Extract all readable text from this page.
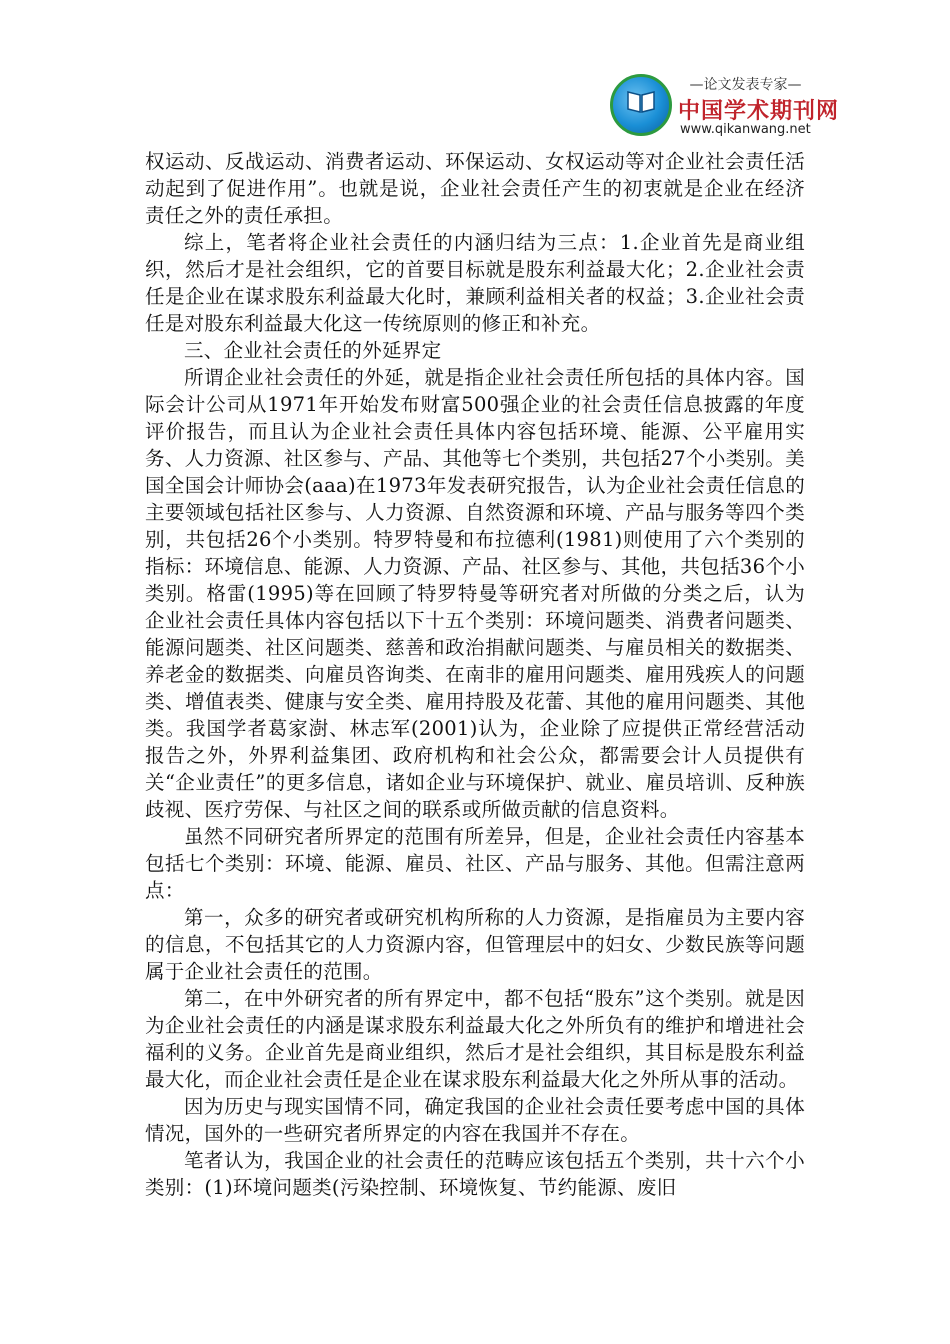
—论文发表专家—
中国学术期刊网
www.qikanwang.net

权运动、反战运动、消费者运动、环保运动、女权运动等对企业社会责任活动起到了促进作用”。也就是说，企业社会责任产生的初衷就是企业在经济责任之外的责任承担。

综上，笔者将企业社会责任的内涵归结为三点：1.企业首先是商业组织，然后才是社会组织，它的首要目标就是股东利益最大化；2.企业社会责任是企业在谋求股东利益最大化时，兼顾利益相关者的权益；3.企业社会责任是对股东利益最大化这一传统原则的修正和补充。

三、企业社会责任的外延界定

所谓企业社会责任的外延，就是指企业社会责任所包括的具体内容。国际会计公司从1971年开始发布财富500强企业的社会责任信息披露的年度评价报告，而且认为企业社会责任具体内容包括环境、能源、公平雇用实务、人力资源、社区参与、产品、其他等七个类别，共包括27个小类别。美国全国会计师协会(aaa)在1973年发表研究报告，认为企业社会责任信息的主要领域包括社区参与、人力资源、自然资源和环境、产品与服务等四个类别，共包括26个小类别。特罗特曼和布拉德利(1981)则使用了六个类别的指标：环境信息、能源、人力资源、产品、社区参与、其他，共包括36个小类别。格雷(1995)等在回顾了特罗特曼等研究者对所做的分类之后，认为企业社会责任具体内容包括以下十五个类别：环境问题类、消费者问题类、能源问题类、社区问题类、慈善和政治捐献问题类、与雇员相关的数据类、养老金的数据类、向雇员咨询类、在南非的雇用问题类、雇用残疾人的问题类、增值表类、健康与安全类、雇用持股及花蕾、其他的雇用问题类、其他类。我国学者葛家澍、林志军(2001)认为，企业除了应提供正常经营活动报告之外，外界利益集团、政府机构和社会公众，都需要会计人员提供有关“企业责任”的更多信息，诸如企业与环境保护、就业、雇员培训、反种族歧视、医疗劳保、与社区之间的联系或所做贡献的信息资料。

虽然不同研究者所界定的范围有所差异，但是，企业社会责任内容基本包括七个类别：环境、能源、雇员、社区、产品与服务、其他。但需注意两点：

第一，众多的研究者或研究机构所称的人力资源，是指雇员为主要内容的信息，不包括其它的人力资源内容，但管理层中的妇女、少数民族等问题属于企业社会责任的范围。

第二，在中外研究者的所有界定中，都不包括“股东”这个类别。就是因为企业社会责任的内涵是谋求股东利益最大化之外所负有的维护和增进社会福利的义务。企业首先是商业组织，然后才是社会组织，其目标是股东利益最大化，而企业社会责任是企业在谋求股东利益最大化之外所从事的活动。

因为历史与现实国情不同，确定我国的企业社会责任要考虑中国的具体情况，国外的一些研究者所界定的内容在我国并不存在。

笔者认为，我国企业的社会责任的范畴应该包括五个类别，共十六个小类别：(1)环境问题类(污染控制、环境恢复、节约能源、废旧
